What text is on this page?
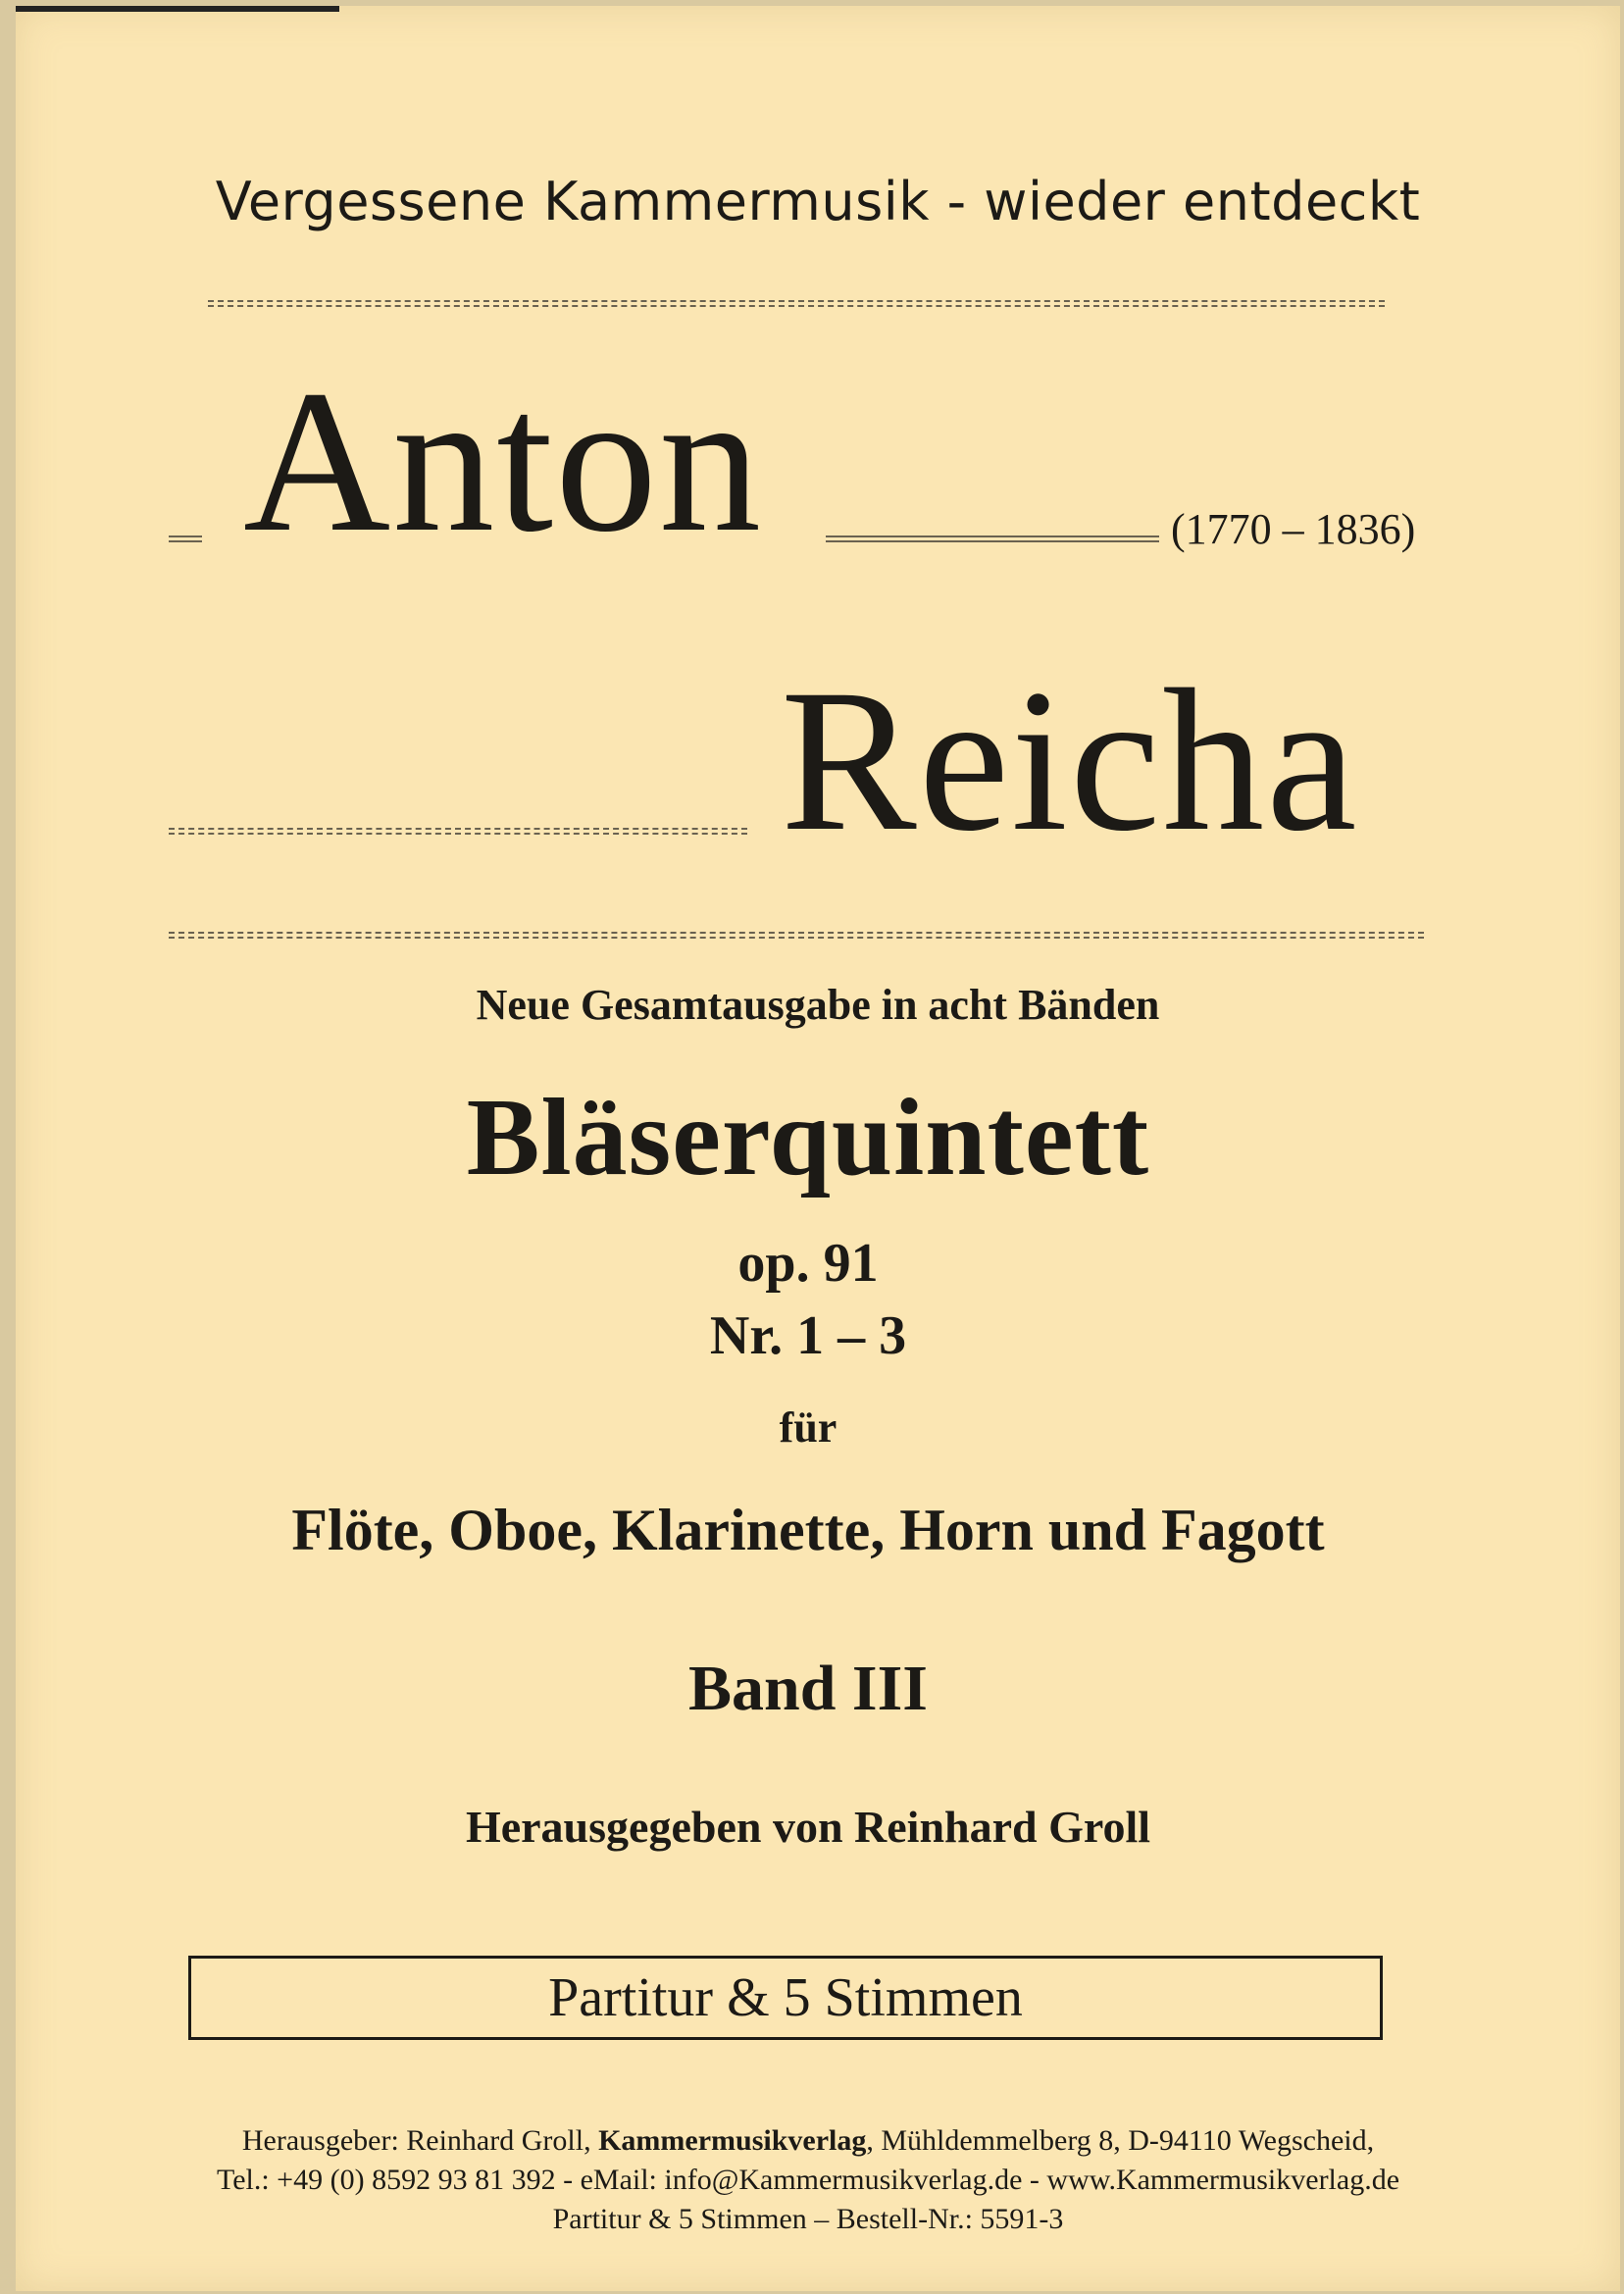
Vergessene Kammermusik - wieder entdeckt
Anton	(1770 – 1836)
Reicha
Neue Gesamtausgabe in acht Bänden
Bläserquintett
op. 91
Nr. 1 – 3
für
Flöte, Oboe, Klarinette, Horn und Fagott
Band III
Herausgegeben von Reinhard Groll
Partitur & 5 Stimmen
Herausgeber: Reinhard Groll, Kammermusikverlag, Mühldemmelberg 8, D-94110 Wegscheid,
Tel.: +49 (0) 8592 93 81 392 - eMail: info@Kammermusikverlag.de - www.Kammermusikverlag.de
Partitur & 5 Stimmen – Bestell-Nr.: 5591-3
